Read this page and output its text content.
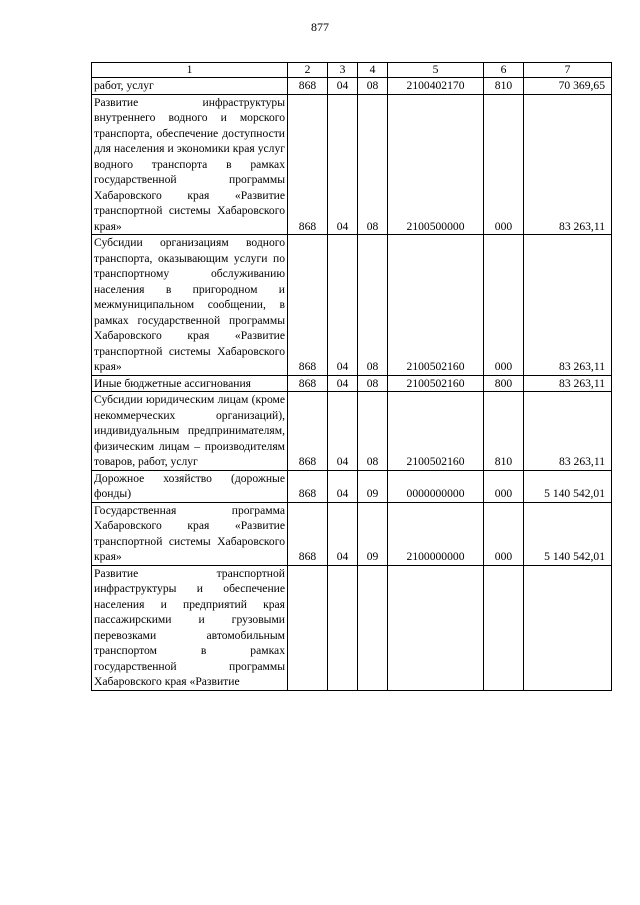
877
1	2	3	4	5	6	7
работ, услуг	868	04	08	2100402170	810	70 369,65
Развитие инфраструктуры внутреннего водного и морского транспорта, обеспечение доступности для населения и экономики края услуг водного транспорта в рамках государственной программы Хабаровского края «Развитие транспортной системы Хабаровского края»	868	04	08	2100500000	000	83 263,11
Субсидии организациям водного транспорта, оказывающим услуги по транспортному обслуживанию населения в пригородном и межмуниципальном сообщении, в рамках государственной программы Хабаровского края «Развитие транспортной системы Хабаровского края»	868	04	08	2100502160	000	83 263,11
Иные бюджетные ассигнования	868	04	08	2100502160	800	83 263,11
Субсидии юридическим лицам (кроме некоммерческих организаций), индивидуальным предпринимателям, физическим лицам – производителям товаров, работ, услуг	868	04	08	2100502160	810	83 263,11
Дорожное хозяйство (дорожные фонды)	868	04	09	0000000000	000	5 140 542,01
Государственная программа Хабаровского края «Развитие транспортной системы Хабаровского края»	868	04	09	2100000000	000	5 140 542,01
Развитие транспортной инфраструктуры и обеспечение населения и предприятий края пассажирскими и грузовыми перевозками автомобильным транспортом в рамках государственной программы Хабаровского края «Развитие						
